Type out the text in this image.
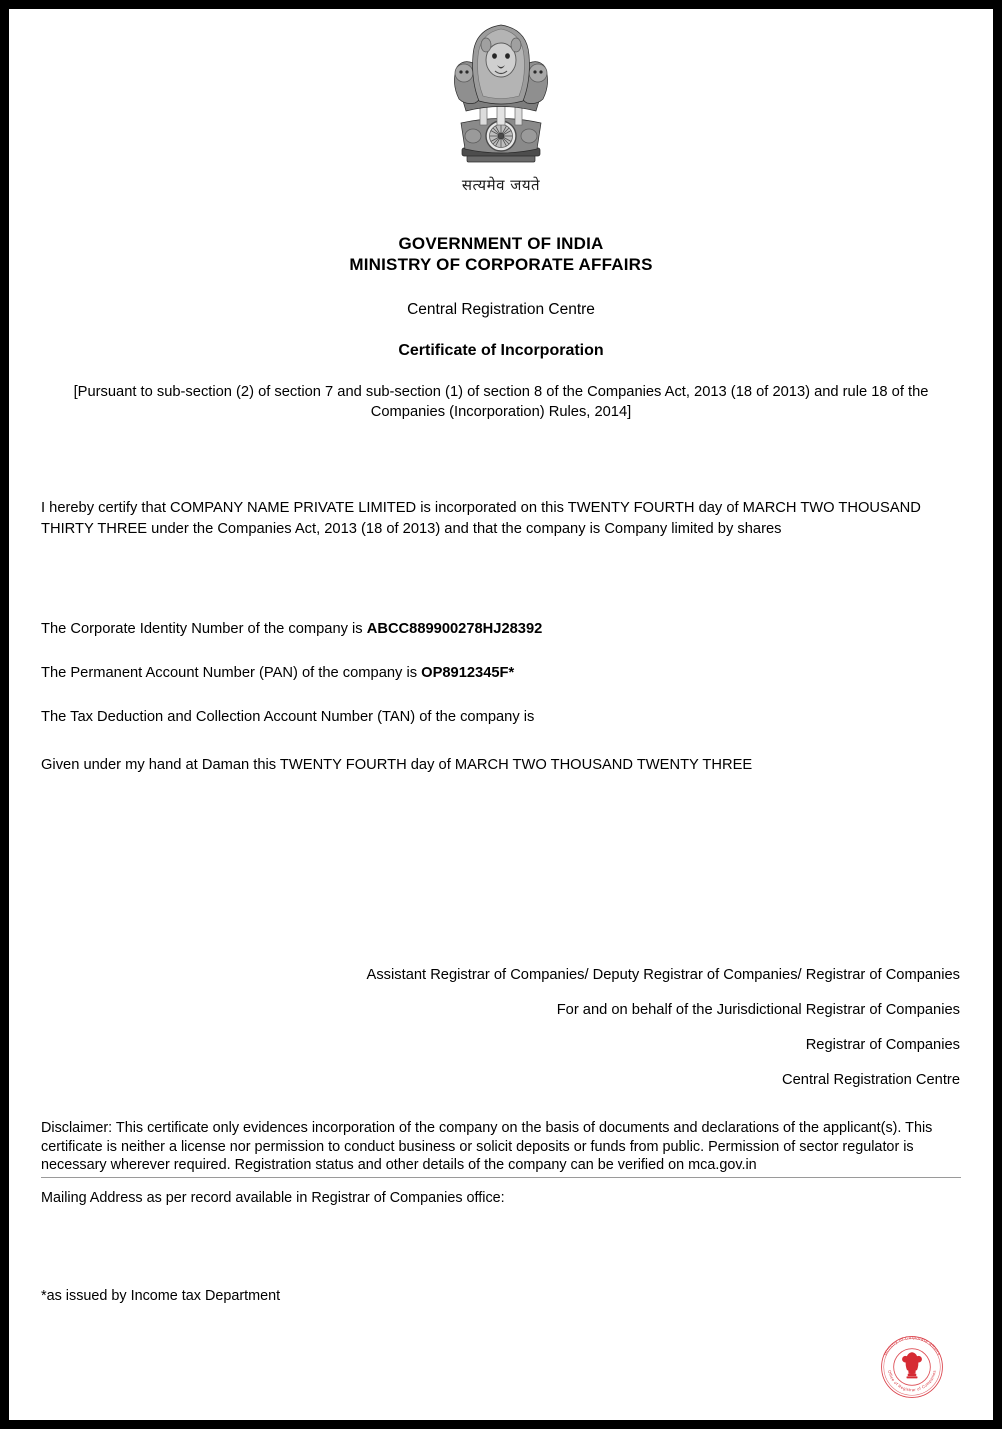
सत्यमेव जयते
GOVERNMENT OF INDIA
MINISTRY OF CORPORATE AFFAIRS
Central Registration Centre
Certificate of Incorporation
[Pursuant to sub-section (2) of section 7 and sub-section (1) of section 8 of the Companies Act, 2013 (18 of 2013) and rule 18 of the Companies (Incorporation) Rules, 2014]
I hereby certify that COMPANY NAME PRIVATE LIMITED is incorporated on this TWENTY FOURTH day of MARCH TWO THOUSAND THIRTY THREE under the Companies Act, 2013 (18 of 2013) and that the company is Company limited by shares
The Corporate Identity Number of the company is ABCC889900278HJ28392
The Permanent Account Number (PAN) of the company is OP8912345F*
The Tax Deduction and Collection Account Number (TAN) of the company is
Given under my hand at Daman this TWENTY FOURTH day of MARCH TWO THOUSAND TWENTY THREE
Assistant Registrar of Companies/ Deputy Registrar of Companies/ Registrar of Companies
For and on behalf of the Jurisdictional Registrar of Companies
Registrar of Companies
Central Registration Centre
Disclaimer: This certificate only evidences incorporation of the company on the basis of documents and declarations of the applicant(s). This certificate is neither a license nor permission to conduct business or solicit deposits or funds from public. Permission of sector regulator is necessary wherever required. Registration status and other details of the company can be verified on mca.gov.in
Mailing Address as per record available in Registrar of Companies office:
*as issued by Income tax Department
Ministry of Corporate Affairs
Office of Registrar of Companies
